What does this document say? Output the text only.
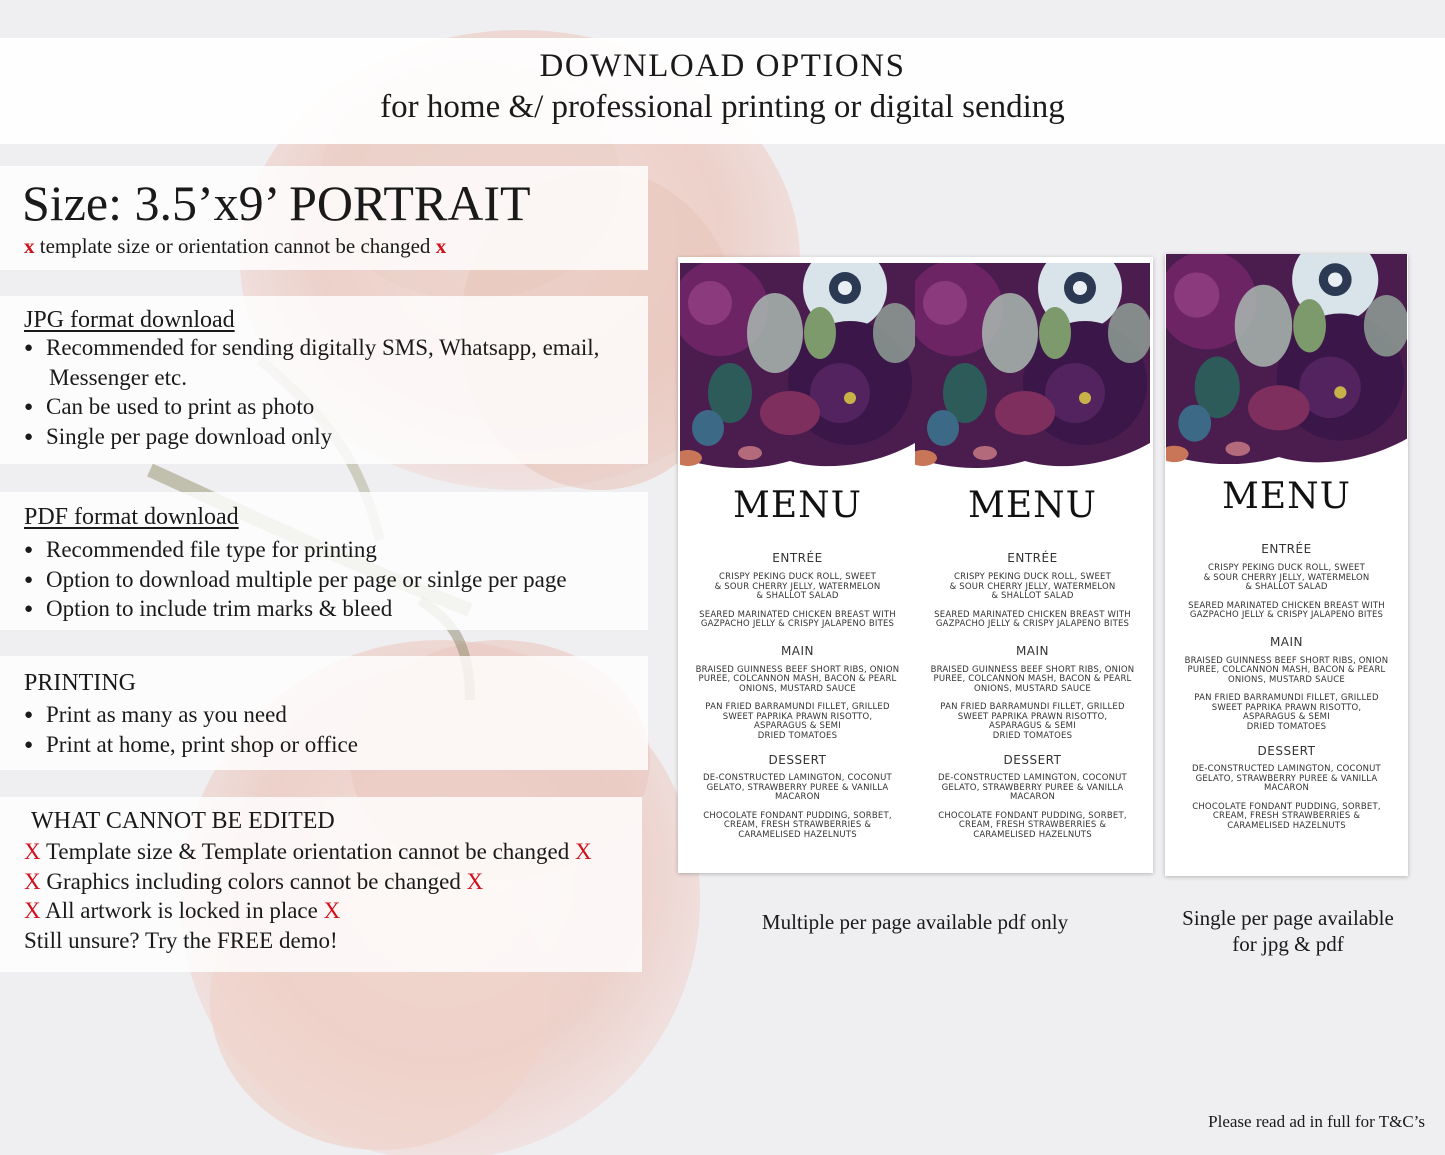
DOWNLOAD OPTIONS
for home &/ professional printing or digital sending
Size: 3.5’x9’ PORTRAIT
x template size or orientation cannot be changed x
JPG format download
● Recommended for sending digitally SMS, Whatsapp, email,
Messenger etc.
● Can be used to print as photo
● Single per page download only
PDF format download
● Recommended file type for printing
● Option to download multiple per page or sinlge per page
● Option to include trim marks & bleed
PRINTING
● Print as many as you need
● Print at home, print shop or office
WHAT CANNOT BE EDITED
X Template size & Template orientation cannot be changed X
X Graphics including colors cannot be changed X
X All artwork is locked in place X
Still unsure? Try the FREE demo!
MENU
ENTRÉE
CRISPY PEKING DUCK ROLL, SWEET
& SOUR CHERRY JELLY, WATERMELON
& SHALLOT SALAD
SEARED MARINATED CHICKEN BREAST WITH
GAZPACHO JELLY & CRISPY JALAPENO BITES
MAIN
BRAISED GUINNESS BEEF SHORT RIBS, ONION
PUREE, COLCANNON MASH, BACON & PEARL
ONIONS, MUSTARD SAUCE
PAN FRIED BARRAMUNDI FILLET, GRILLED
SWEET PAPRIKA PRAWN RISOTTO,
ASPARAGUS & SEMI
DRIED TOMATOES
DESSERT
DE-CONSTRUCTED LAMINGTON, COCONUT
GELATO, STRAWBERRY PUREE & VANILLA
MACARON
CHOCOLATE FONDANT PUDDING, SORBET,
CREAM, FRESH STRAWBERRIES &
CARAMELISED HAZELNUTS
MENU
ENTRÉE
CRISPY PEKING DUCK ROLL, SWEET
& SOUR CHERRY JELLY, WATERMELON
& SHALLOT SALAD
SEARED MARINATED CHICKEN BREAST WITH
GAZPACHO JELLY & CRISPY JALAPENO BITES
MAIN
BRAISED GUINNESS BEEF SHORT RIBS, ONION
PUREE, COLCANNON MASH, BACON & PEARL
ONIONS, MUSTARD SAUCE
PAN FRIED BARRAMUNDI FILLET, GRILLED
SWEET PAPRIKA PRAWN RISOTTO,
ASPARAGUS & SEMI
DRIED TOMATOES
DESSERT
DE-CONSTRUCTED LAMINGTON, COCONUT
GELATO, STRAWBERRY PUREE & VANILLA
MACARON
CHOCOLATE FONDANT PUDDING, SORBET,
CREAM, FRESH STRAWBERRIES &
CARAMELISED HAZELNUTS
MENU
ENTRÉE
CRISPY PEKING DUCK ROLL, SWEET
& SOUR CHERRY JELLY, WATERMELON
& SHALLOT SALAD
SEARED MARINATED CHICKEN BREAST WITH
GAZPACHO JELLY & CRISPY JALAPENO BITES
MAIN
BRAISED GUINNESS BEEF SHORT RIBS, ONION
PUREE, COLCANNON MASH, BACON & PEARL
ONIONS, MUSTARD SAUCE
PAN FRIED BARRAMUNDI FILLET, GRILLED
SWEET PAPRIKA PRAWN RISOTTO,
ASPARAGUS & SEMI
DRIED TOMATOES
DESSERT
DE-CONSTRUCTED LAMINGTON, COCONUT
GELATO, STRAWBERRY PUREE & VANILLA
MACARON
CHOCOLATE FONDANT PUDDING, SORBET,
CREAM, FRESH STRAWBERRIES &
CARAMELISED HAZELNUTS
Multiple per page available pdf only	Single per page available
for jpg & pdf
Please read ad in full for T&C’s
